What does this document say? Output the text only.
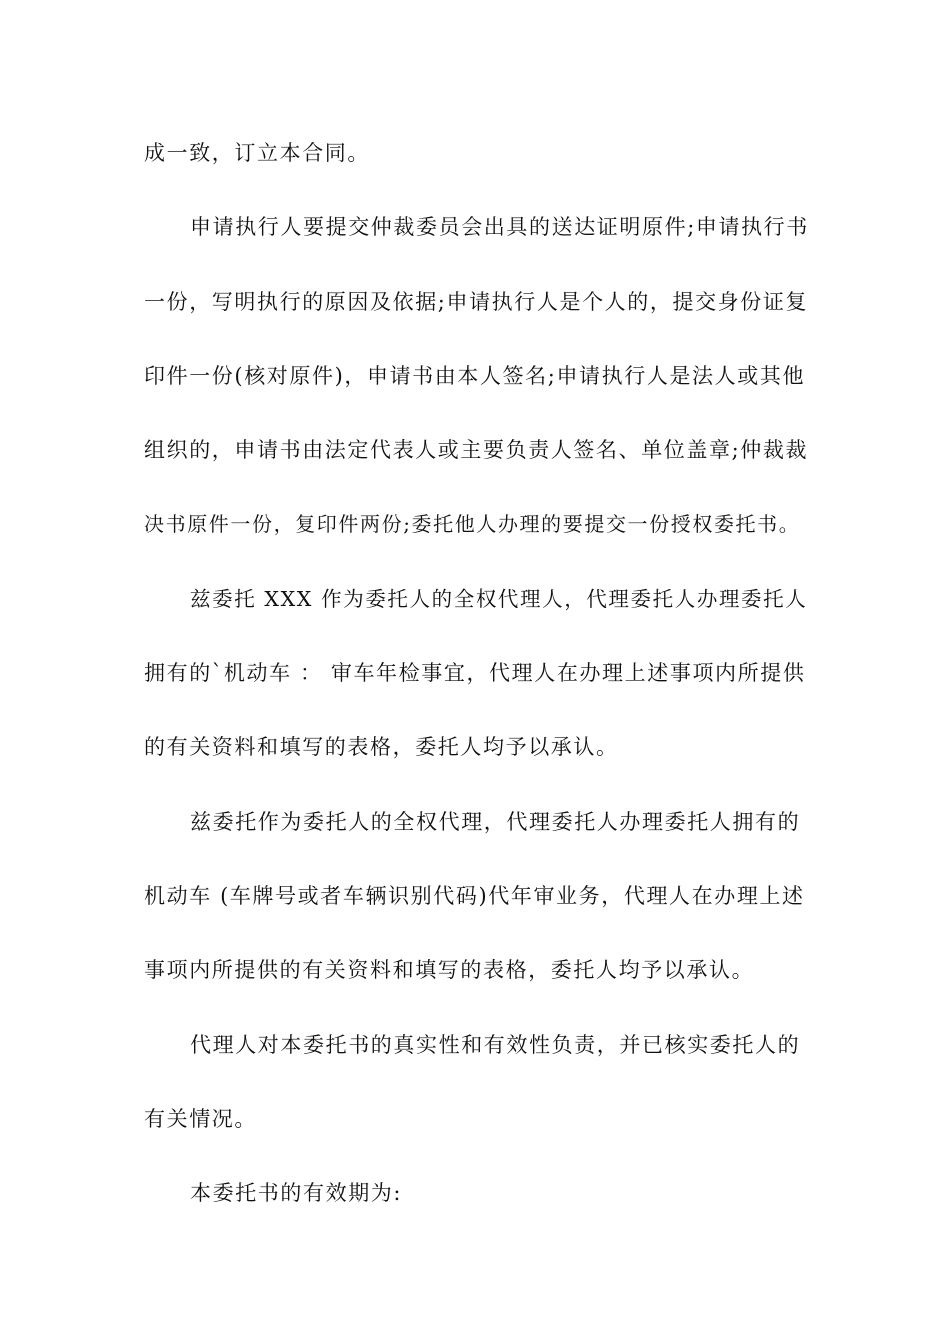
成一致，订立本合同。

申请执行人要提交仲裁委员会出具的送达证明原件;申请执行书

一份，写明执行的原因及依据;申请执行人是个人的，提交身份证复

印件一份(核对原件)，申请书由本人签名;申请执行人是法人或其他

组织的，申请书由法定代表人或主要负责人签名、单位盖章;仲裁裁

决书原件一份，复印件两份;委托他人办理的要提交一份授权委托书。

兹委托 XXX 作为委托人的全权代理人，代理委托人办理委托人

拥有的`机动车 ： 审车年检事宜，代理人在办理上述事项内所提供

的有关资料和填写的表格，委托人均予以承认。

兹委托作为委托人的全权代理，代理委托人办理委托人拥有的

机动车 (车牌号或者车辆识别代码)代年审业务，代理人在办理上述

事项内所提供的有关资料和填写的表格，委托人均予以承认。

代理人对本委托书的真实性和有效性负责，并已核实委托人的

有关情况。

本委托书的有效期为:
